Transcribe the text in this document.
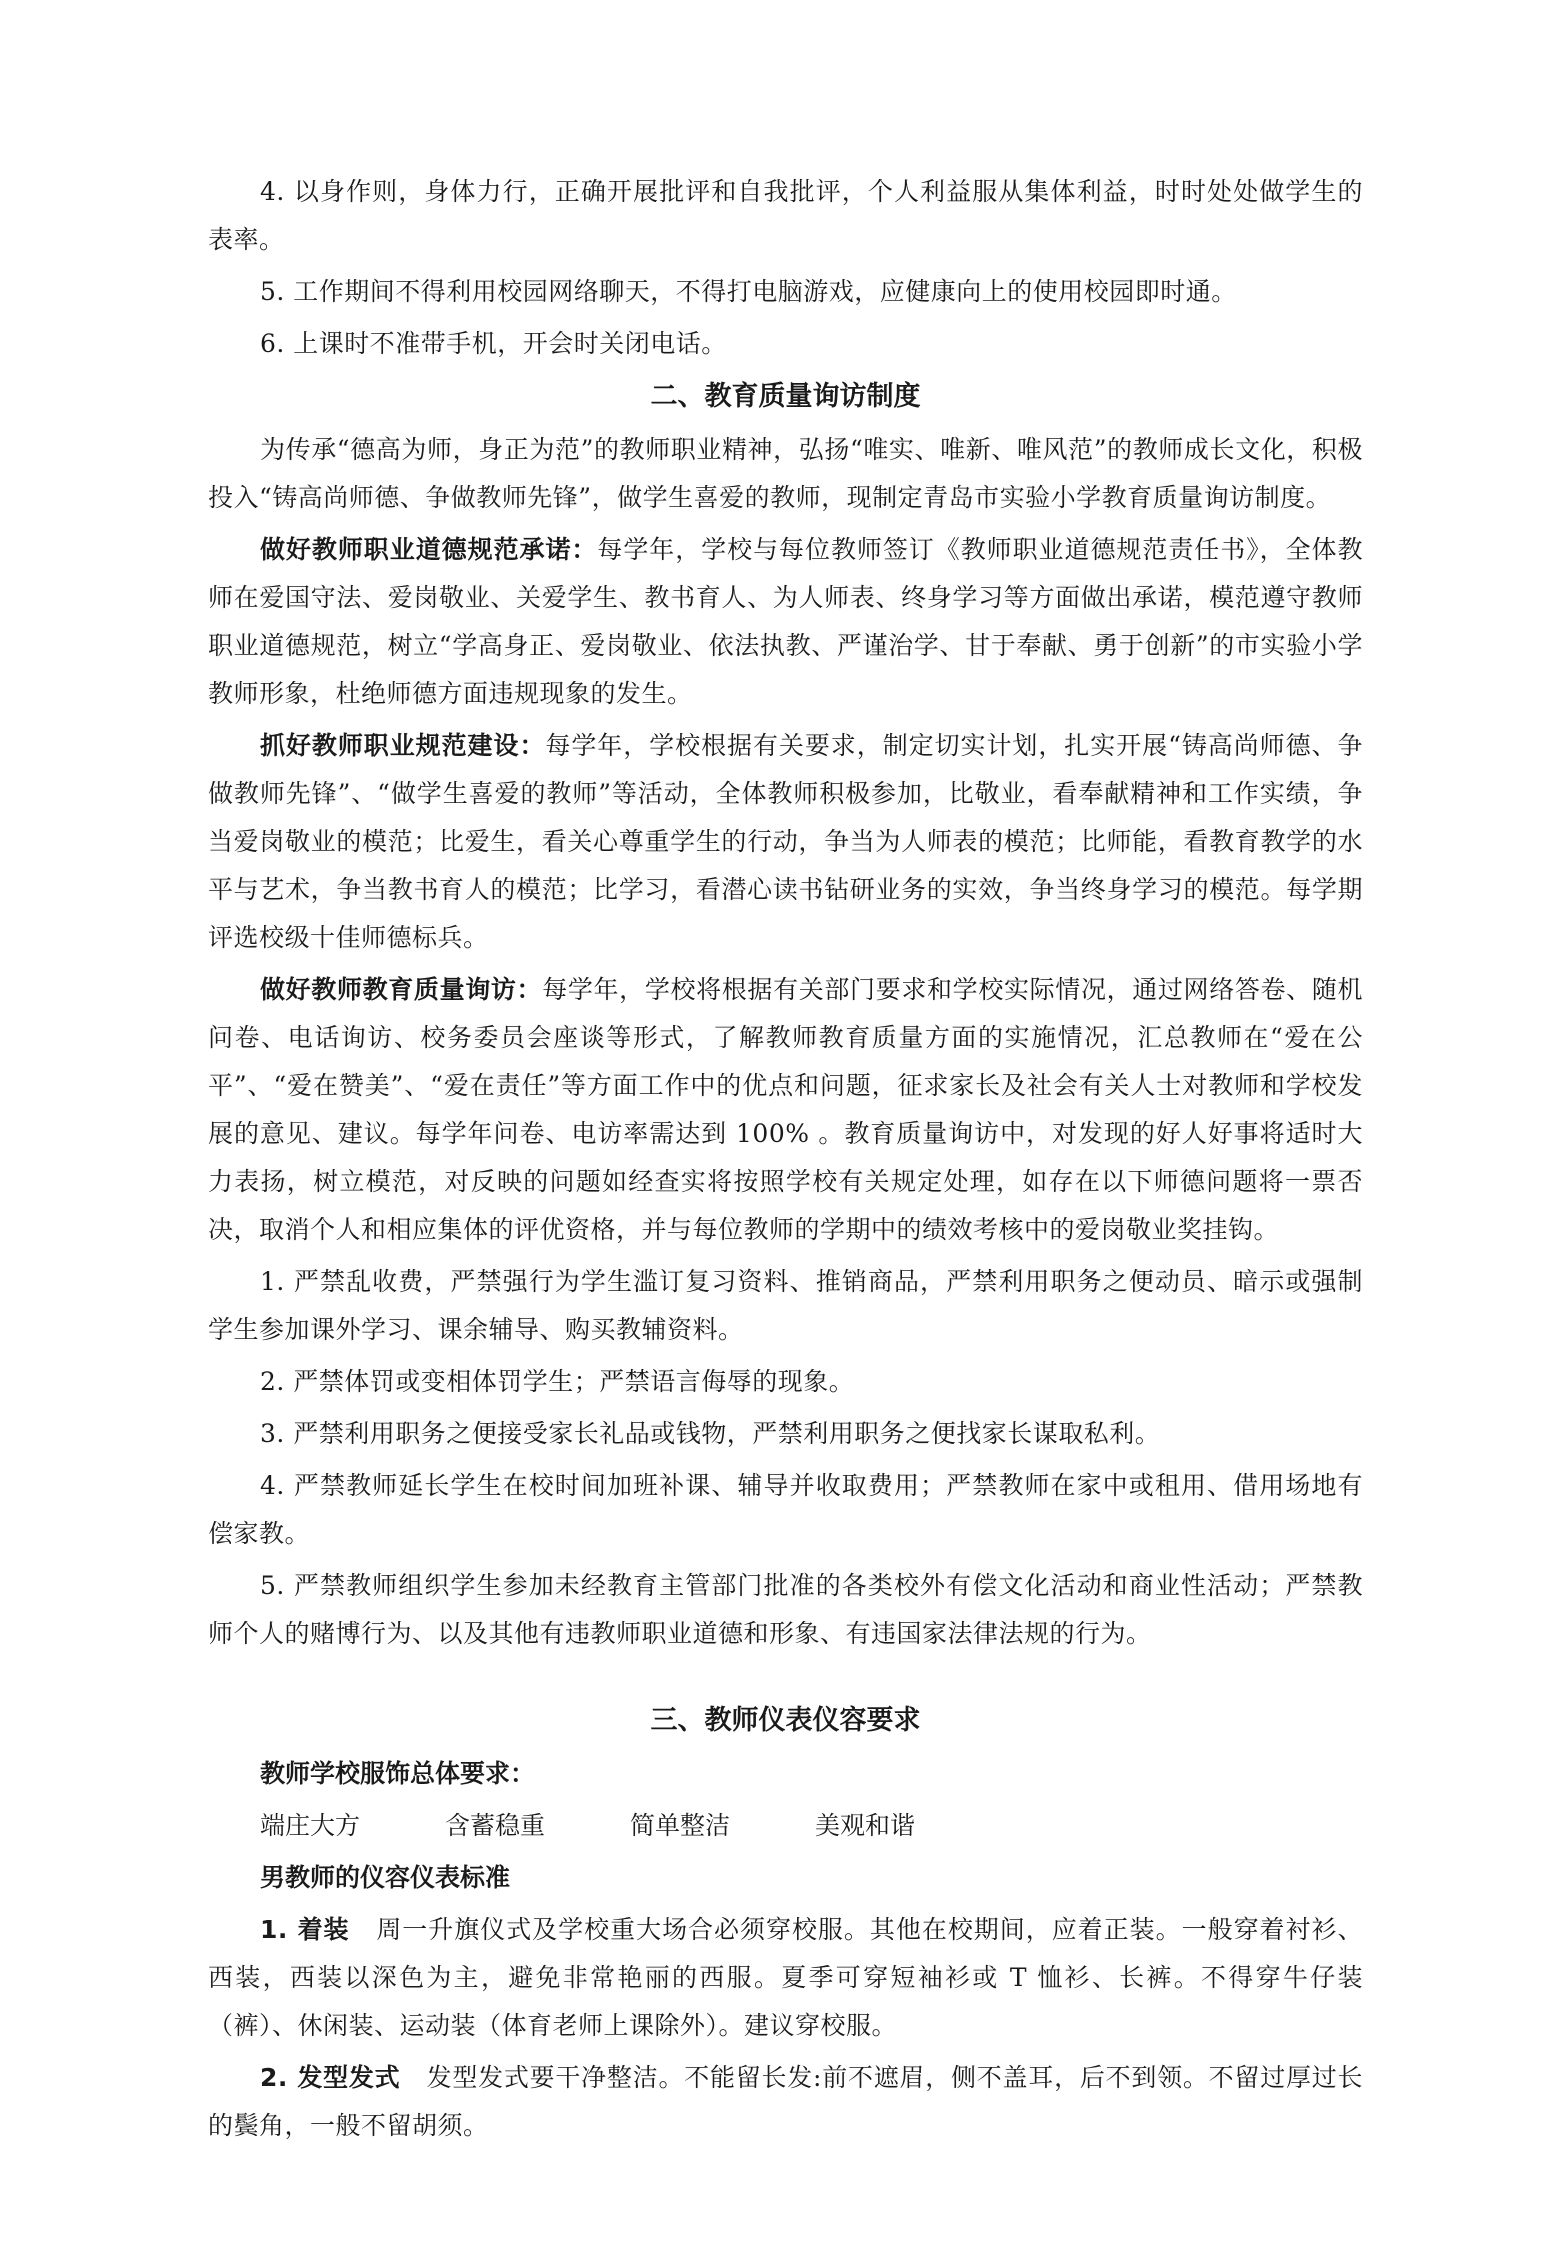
4. 以身作则，身体力行，正确开展批评和自我批评，个人利益服从集体利益，时时处处做学生的表率。

5. 工作期间不得利用校园网络聊天，不得打电脑游戏，应健康向上的使用校园即时通。

6. 上课时不准带手机，开会时关闭电话。

二、教育质量询访制度

为传承“德高为师，身正为范”的教师职业精神，弘扬“唯实、唯新、唯风范”的教师成长文化，积极投入“铸高尚师德、争做教师先锋”，做学生喜爱的教师，现制定青岛市实验小学教育质量询访制度。

做好教师职业道德规范承诺：每学年，学校与每位教师签订《教师职业道德规范责任书》，全体教师在爱国守法、爱岗敬业、关爱学生、教书育人、为人师表、终身学习等方面做出承诺，模范遵守教师职业道德规范，树立“学高身正、爱岗敬业、依法执教、严谨治学、甘于奉献、勇于创新”的市实验小学教师形象，杜绝师德方面违规现象的发生。

抓好教师职业规范建设：每学年，学校根据有关要求，制定切实计划，扎实开展“铸高尚师德、争做教师先锋”、“做学生喜爱的教师”等活动，全体教师积极参加，比敬业，看奉献精神和工作实绩，争当爱岗敬业的模范；比爱生，看关心尊重学生的行动，争当为人师表的模范；比师能，看教育教学的水平与艺术，争当教书育人的模范；比学习，看潜心读书钻研业务的实效，争当终身学习的模范。每学期评选校级十佳师德标兵。

做好教师教育质量询访：每学年，学校将根据有关部门要求和学校实际情况，通过网络答卷、随机问卷、电话询访、校务委员会座谈等形式，了解教师教育质量方面的实施情况，汇总教师在“爱在公平”、“爱在赞美”、“爱在责任”等方面工作中的优点和问题，征求家长及社会有关人士对教师和学校发展的意见、建议。每学年问卷、电访率需达到 100% 。教育质量询访中，对发现的好人好事将适时大力表扬，树立模范，对反映的问题如经查实将按照学校有关规定处理，如存在以下师德问题将一票否决，取消个人和相应集体的评优资格，并与每位教师的学期中的绩效考核中的爱岗敬业奖挂钩。

1. 严禁乱收费，严禁强行为学生滥订复习资料、推销商品，严禁利用职务之便动员、暗示或强制学生参加课外学习、课余辅导、购买教辅资料。

2. 严禁体罚或变相体罚学生；严禁语言侮辱的现象。

3. 严禁利用职务之便接受家长礼品或钱物，严禁利用职务之便找家长谋取私利。

4. 严禁教师延长学生在校时间加班补课、辅导并收取费用；严禁教师在家中或租用、借用场地有偿家教。

5. 严禁教师组织学生参加未经教育主管部门批准的各类校外有偿文化活动和商业性活动；严禁教师个人的赌博行为、以及其他有违教师职业道德和形象、有违国家法律法规的行为。

三、教师仪表仪容要求

教师学校服饰总体要求：

端庄大方	含蓄稳重	简单整洁	美观和谐

男教师的仪容仪表标准

1. 着装 周一升旗仪式及学校重大场合必须穿校服。其他在校期间，应着正装。一般穿着衬衫、西装，西装以深色为主，避免非常艳丽的西服。夏季可穿短袖衫或 T 恤衫、长裤。不得穿牛仔装（裤）、休闲装、运动装（体育老师上课除外）。建议穿校服。

2. 发型发式 发型发式要干净整洁。不能留长发:前不遮眉，侧不盖耳，后不到领。不留过厚过长的鬓角，一般不留胡须。
